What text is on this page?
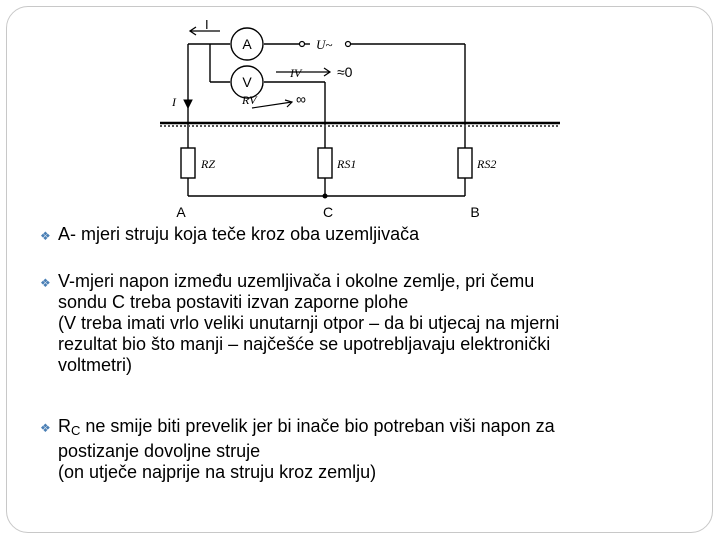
I
A	U~
V
IV	≈0
RV	∞
I
RZ	RS1	RS2
A	C	B
❖ A- mjeri struju koja teče kroz oba uzemljivača
❖ V-mjeri napon između uzemljivača i okolne zemlje, pri čemu
sondu C treba postaviti izvan zaporne plohe
(V treba imati vrlo veliki unutarnji otpor – da bi utjecaj na mjerni
rezultat bio što manji – najčešće se upotrebljavaju elektronički
voltmetri)
❖ RC ne smije biti prevelik jer bi inače bio potreban viši napon za
postizanje dovoljne struje
(on utječe najprije na struju kroz zemlju)
